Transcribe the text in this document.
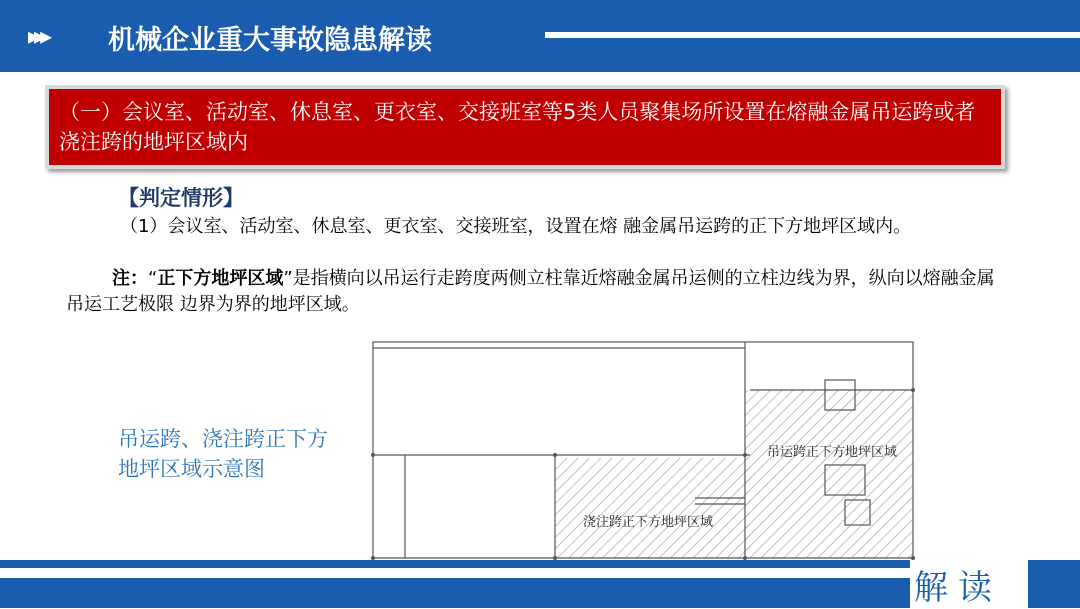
▸▸▸ 机械企业重大事故隐患解读

（一）会议室、活动室、休息室、更衣室、交接班室等5类人员聚集场所设置在熔融金属吊运跨或者浇注跨的地坪区域内

【判定情形】
（1）会议室、活动室、休息室、更衣室、交接班室，设置在熔 融金属吊运跨的正下方地坪区域内。
注：“正下方地坪区域”是指横向以吊运行走跨度两侧立柱靠近熔融金属吊运侧的立柱边线为界，纵向以熔融金属吊运工艺极限 边界为界的地坪区域。
吊运跨、浇注跨正下方地坪区域示意图
吊运跨正下方地坪区域
浇注跨正下方地坪区域
解读
